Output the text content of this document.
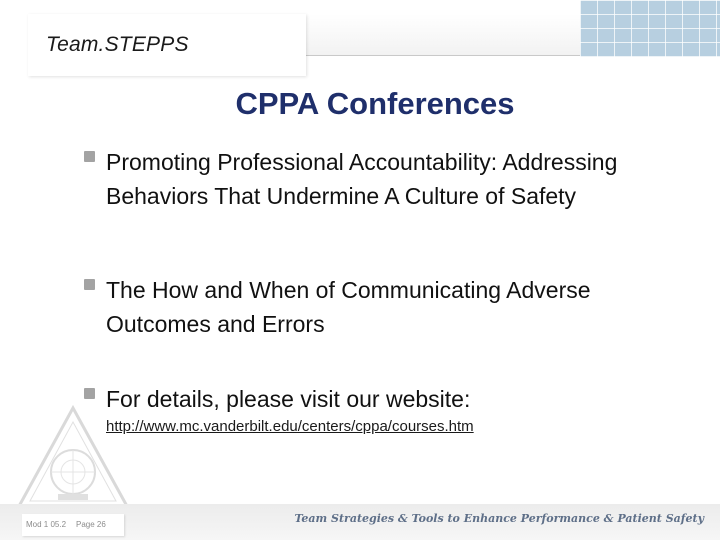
Team.STEPPS
CPPA Conferences

Promoting Professional Accountability: Addressing Behaviors That Undermine A Culture of Safety

The How and When of Communicating Adverse Outcomes and Errors

For details, please visit our website:

http://www.mc.vanderbilt.edu/centers/cppa/courses.htm
Mod 1 05.2 Page 26	Team Strategies & Tools to Enhance Performance & Patient Safety
